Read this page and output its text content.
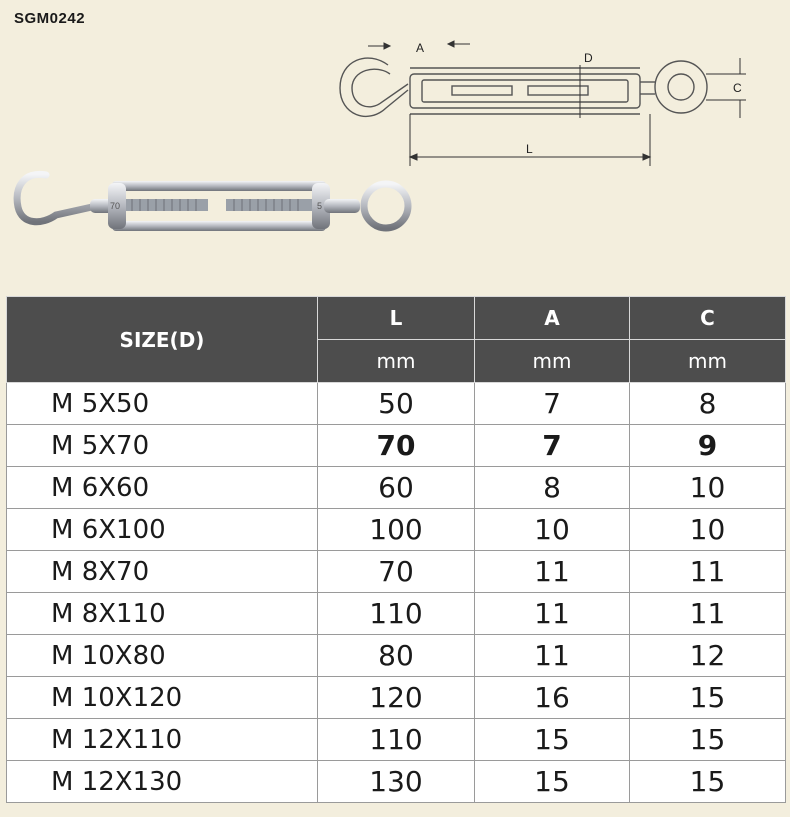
SGM0242
A
D
C
L
70	5
SIZE(D)	L	A	C
	mm	mm	mm
M 5X50	50	7	8
M 5X70	70	7	9
M 6X60	60	8	10
M 6X100	100	10	10
M 8X70	70	11	11
M 8X110	110	11	11
M 10X80	80	11	12
M 10X120	120	16	15
M 12X110	110	15	15
M 12X130	130	15	15
